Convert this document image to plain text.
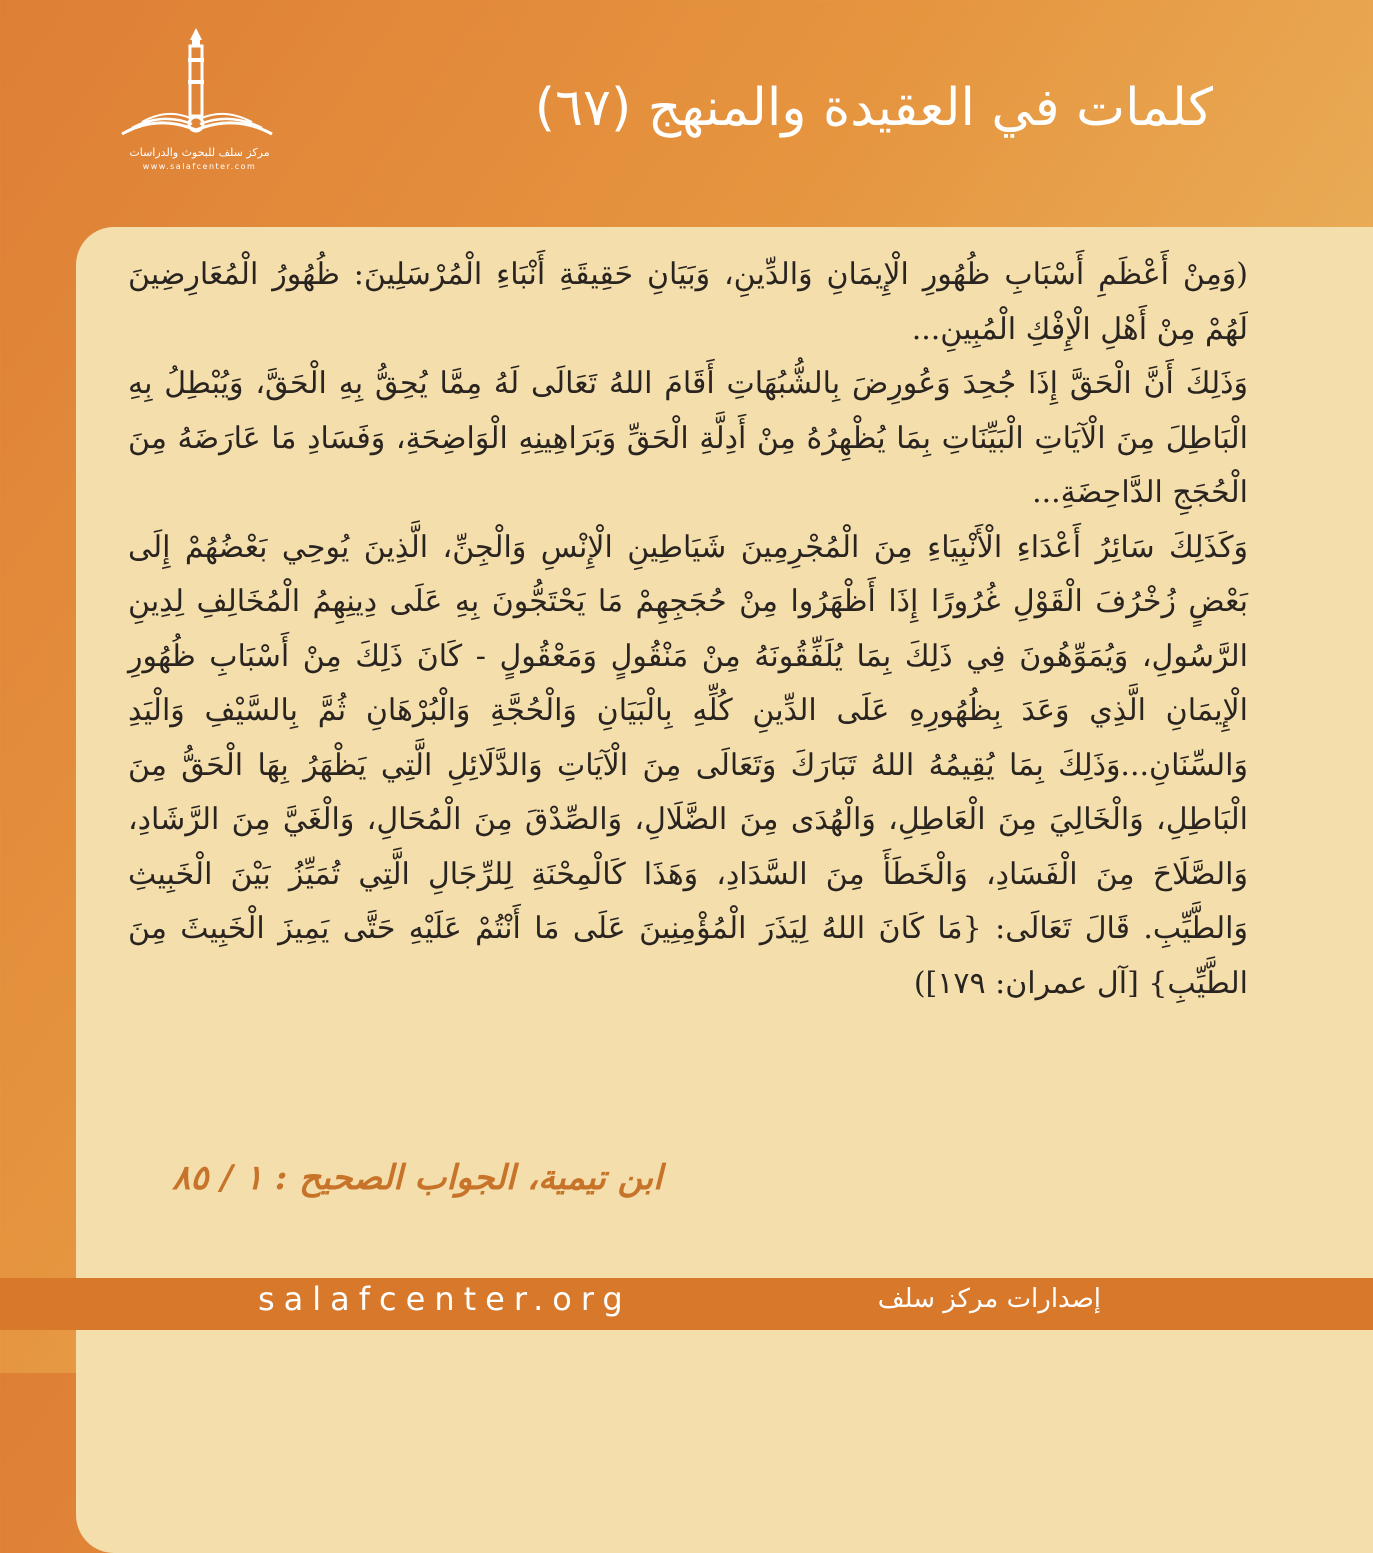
مركز سلف للبحوث والدراسات
www.salafcenter.com
كلمات في العقيدة والمنهج (٦٧)

(وَمِنْ أَعْظَمِ أَسْبَابِ ظُهُورِ الْإِيمَانِ وَالدِّينِ، وَبَيَانِ حَقِيقَةِ أَنْبَاءِ الْمُرْسَلِينَ: ظُهُورُ الْمُعَارِضِينَ لَهُمْ مِنْ أَهْلِ الْإِفْكِ الْمُبِينِ...

وَذَلِكَ أَنَّ الْحَقَّ إِذَا جُحِدَ وَعُورِضَ بِالشُّبُهَاتِ أَقَامَ اللهُ تَعَالَى لَهُ مِمَّا يُحِقُّ بِهِ الْحَقَّ، وَيُبْطِلُ بِهِ الْبَاطِلَ مِنَ الْآيَاتِ الْبَيِّنَاتِ بِمَا يُظْهِرُهُ مِنْ أَدِلَّةِ الْحَقِّ وَبَرَاهِينِهِ الْوَاضِحَةِ، وَفَسَادِ مَا عَارَضَهُ مِنَ الْحُجَجِ الدَّاحِضَةِ...

وَكَذَلِكَ سَائِرُ أَعْدَاءِ الْأَنْبِيَاءِ مِنَ الْمُجْرِمِينَ شَيَاطِينِ الْإِنْسِ وَالْجِنِّ، الَّذِينَ يُوحِي بَعْضُهُمْ إِلَى بَعْضٍ زُخْرُفَ الْقَوْلِ غُرُورًا إِذَا أَظْهَرُوا مِنْ حُجَجِهِمْ مَا يَحْتَجُّونَ بِهِ عَلَى دِينِهِمُ الْمُخَالِفِ لِدِينِ الرَّسُولِ، وَيُمَوِّهُونَ فِي ذَلِكَ بِمَا يُلَفِّقُونَهُ مِنْ مَنْقُولٍ وَمَعْقُولٍ - كَانَ ذَلِكَ مِنْ أَسْبَابِ ظُهُورِ الْإِيمَانِ الَّذِي وَعَدَ بِظُهُورِهِ عَلَى الدِّينِ كُلِّهِ بِالْبَيَانِ وَالْحُجَّةِ وَالْبُرْهَانِ ثُمَّ بِالسَّيْفِ وَالْيَدِ وَالسِّنَانِ...وَذَلِكَ بِمَا يُقِيمُهُ اللهُ تَبَارَكَ وَتَعَالَى مِنَ الْآيَاتِ وَالدَّلَائِلِ الَّتِي يَظْهَرُ بِهَا الْحَقُّ مِنَ الْبَاطِلِ، وَالْخَالِيَ مِنَ الْعَاطِلِ، وَالْهُدَى مِنَ الضَّلَالِ، وَالصِّدْقَ مِنَ الْمُحَالِ، وَالْغَيَّ مِنَ الرَّشَادِ، وَالصَّلَاحَ مِنَ الْفَسَادِ، وَالْخَطَأَ مِنَ السَّدَادِ، وَهَذَا كَالْمِحْنَةِ لِلرِّجَالِ الَّتِي تُمَيِّزُ بَيْنَ الْخَبِيثِ وَالطَّيِّبِ. قَالَ تَعَالَى: {مَا كَانَ اللهُ لِيَذَرَ الْمُؤْمِنِينَ عَلَى مَا أَنْتُمْ عَلَيْهِ حَتَّى يَمِيزَ الْخَبِيثَ مِنَ الطَّيِّبِ} [آل عمران: ١٧٩])

ابن تيمية، الجواب الصحيح : ١ / ٨٥
salafcenter.org	إصدارات مركز سلف
